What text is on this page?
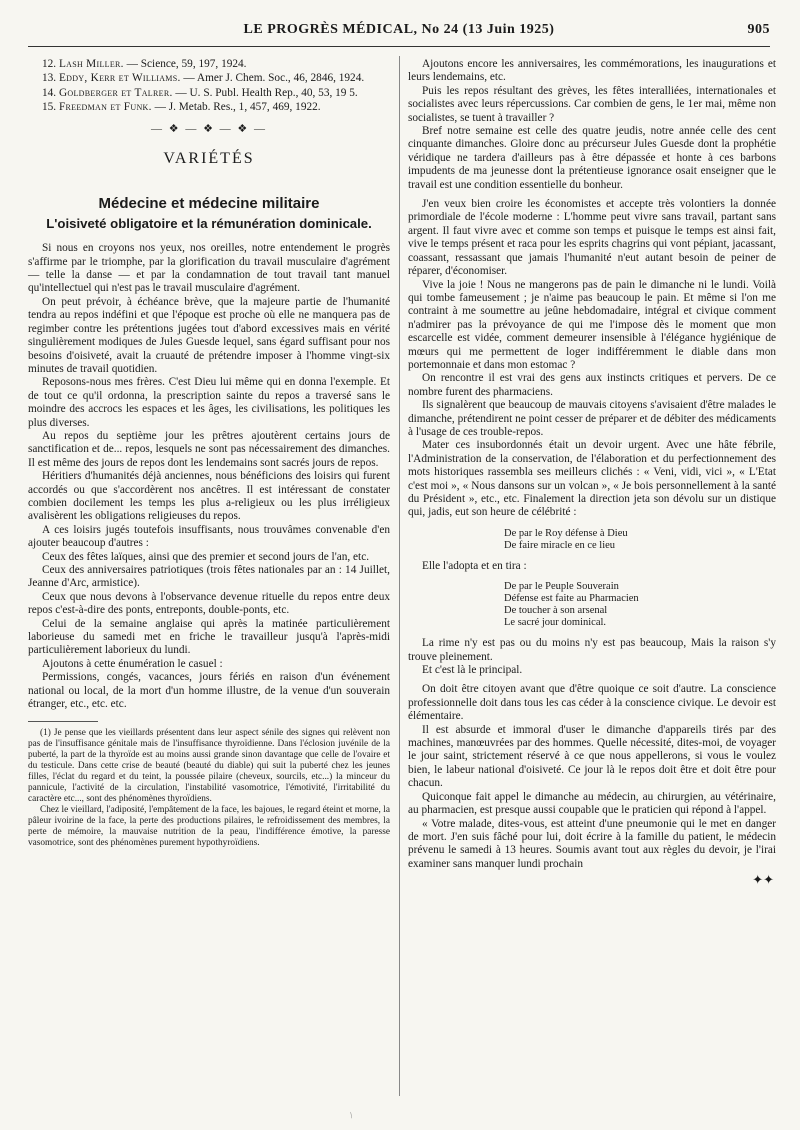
LE PROGRÈS MÉDICAL, No 24 (13 Juin 1925)	905

12. Lash Miller. — Science, 59, 197, 1924.

13. Eddy, Kerr et Williams. — Amer J. Chem. Soc., 46, 2846, 1924.

14. Goldberger et Talrer. — U. S. Publ. Health Rep., 40, 53, 19 5.

15. Freedman et Funk. — J. Metab. Res., 1, 457, 469, 1922.

— ❖ — ❖ — ❖ —
VARIÉTÉS
Médecine et médecine militaire
L'oisiveté obligatoire et la rémunération dominicale.

Si nous en croyons nos yeux, nos oreilles, notre entendement le progrès s'affirme par le triomphe, par la glorification du travail musculaire d'agrément — telle la danse — et par la condamnation de tout travail tant manuel qu'intellectuel qui n'est pas le travail musculaire d'agrément.

On peut prévoir, à échéance brève, que la majeure partie de l'humanité tendra au repos indéfini et que l'époque est proche où elle ne manquera pas de regimber contre les prétentions jugées tout d'abord excessives mais en vérité singulièrement modiques de Jules Guesde lequel, sans égard suffisant pour nos besoins d'oisiveté, avait la cruauté de prétendre imposer à l'homme vingt-six minutes de travail quotidien.

Reposons-nous mes frères. C'est Dieu lui même qui en donna l'exemple. Et de tout ce qu'il ordonna, la prescription sainte du repos a traversé sans le moindre des accrocs les espaces et les âges, les civilisations, les politiques les plus diverses.

Au repos du septième jour les prêtres ajoutèrent certains jours de sanctification et de... repos, lesquels ne sont pas nécessairement des dimanches. Il est même des jours de repos dont les lendemains sont sacrés jours de repos.

Héritiers d'humanités déjà anciennes, nous bénéficions des loisirs qui furent accordés ou que s'accordèrent nos ancêtres. Il est intéressant de constater combien docilement les temps les plus a-religieux ou les plus irréligieux avalisèrent les obligations religieuses du repos.

A ces loisirs jugés toutefois insuffisants, nous trouvâmes convenable d'en ajouter beaucoup d'autres :

Ceux des fêtes laïques, ainsi que des premier et second jours de l'an, etc.

Ceux des anniversaires patriotiques (trois fêtes nationales par an : 14 Juillet, Jeanne d'Arc, armistice).

Ceux que nous devons à l'observance devenue rituelle du repos entre deux repos c'est-à-dire des ponts, entreponts, double-ponts, etc.

Celui de la semaine anglaise qui après la matinée particulièrement laborieuse du samedi met en friche le travailleur jusqu'à l'après-midi particulièrement laborieux du lundi.

Ajoutons à cette énumération le casuel :

Permissions, congés, vacances, jours fériés en raison d'un événement national ou local, de la mort d'un homme illustre, de la venue d'un souverain étranger, etc., etc. etc.

(1) Je pense que les vieillards présentent dans leur aspect sénile des signes qui relèvent non pas de l'insuffisance génitale mais de l'insuffisance thyroïdienne. Dans l'éclosion juvénile de la puberté, la part de la thyroïde est au moins aussi grande sinon davantage que celle de l'ovaire et du testicule. Dans cette crise de beauté (beauté du diable) qui suit la puberté chez les jeunes filles, l'éclat du regard et du teint, la poussée pilaire (cheveux, sourcils, etc...) la minceur du pannicule, l'activité de la circulation, l'instabilité vasomotrice, l'émotivité, l'irritabilité du caractère etc..., sont des phénomènes thyroïdiens.

Chez le vieillard, l'adiposité, l'empâtement de la face, les bajoues, le regard éteint et morne, la pâleur ivoirine de la face, la perte des productions pilaires, le refroidissement des membres, la perte de mémoire, la mauvaise nutrition de la peau, l'indifférence émotive, la paresse vasomotrice, sont des phénomènes purement hypothyroïdiens.

Ajoutons encore les anniversaires, les commémorations, les inaugurations et leurs lendemains, etc.

Puis les repos résultant des grèves, les fêtes interalliées, internationales et socialistes avec leurs répercussions. Car combien de gens, le 1er mai, même non socialistes, se tuent à travailler ?

Bref notre semaine est celle des quatre jeudis, notre année celle des cent cinquante dimanches. Gloire donc au précurseur Jules Guesde dont la prophétie véridique ne tardera d'ailleurs pas à être dépassée et honte à ces barbons impudents de ma jeunesse dont la prétentieuse ignorance osait enseigner que le travail est une condition essentielle du bonheur.

J'en veux bien croire les économistes et accepte très volontiers la donnée primordiale de l'école moderne : L'homme peut vivre sans travail, partant sans argent. Il faut vivre avec et comme son temps et puisque le temps est ainsi fait, vive le temps présent et raca pour les esprits chagrins qui vont pépiant, jacassant, coassant, ressassant que jamais l'humanité n'eut autant besoin de peiner de réparer, d'économiser.

Vive la joie ! Nous ne mangerons pas de pain le dimanche ni le lundi. Voilà qui tombe fameusement ; je n'aime pas beaucoup le pain. Et même si l'on me contraint à me soumettre au jeûne hebdomadaire, intégral et civique comment n'admirer pas la prévoyance de qui me l'impose dès le moment que mon escarcelle est vidée, comment demeurer insensible à l'élégance hygiénique de mœurs qui me permettent de loger indifféremment le diable dans mon portemonnaie et dans mon estomac ?

On rencontre il est vrai des gens aux instincts critiques et pervers. De ce nombre furent des pharmaciens.

Ils signalèrent que beaucoup de mauvais citoyens s'avisaient d'être malades le dimanche, prétendirent ne point cesser de préparer et de débiter des médicaments à l'usage de ces trouble-repos.

Mater ces insubordonnés était un devoir urgent. Avec une hâte fébrile, l'Administration de la conservation, de l'élaboration et du perfectionnement des mots historiques rassembla ses meilleurs clichés : « Veni, vidi, vici », « L'Etat c'est moi », « Nous dansons sur un volcan », « Je bois personnellement à la santé du Président », etc., etc. Finalement la direction jeta son dévolu sur un distique qui, jadis, eut son heure de célébrité :

De par le Roy défense à Dieu
De faire miracle en ce lieu

Elle l'adopta et en tira :

De par le Peuple Souverain
Défense est faite au Pharmacien
De toucher à son arsenal
Le sacré jour dominical.

La rime n'y est pas ou du moins n'y est pas beaucoup, Mais la raison s'y trouve pleinement.

Et c'est là le principal.

On doit être citoyen avant que d'être quoique ce soit d'autre. La conscience professionnelle doit dans tous les cas céder à la conscience civique. Le devoir est élémentaire.

Il est absurde et immoral d'user le dimanche d'appareils tirés par des machines, manœuvrées par des hommes. Quelle nécessité, dites-moi, de voyager le jour saint, strictement réservé à ce que nous appellerons, si vous le voulez bien, le labeur national d'oisiveté. Ce jour là le repos doit être et doit être pour chacun.

Quiconque fait appel le dimanche au médecin, au chirurgien, au vétérinaire, au pharmacien, est presque aussi coupable que le praticien qui répond à l'appel.

« Votre malade, dites-vous, est atteint d'une pneumonie qui le met en danger de mort. J'en suis fâché pour lui, doit écrire à la famille du patient, le médecin prévenu le samedi à 13 heures. Soumis avant tout aux règles du devoir, je l'irai examiner sans manquer lundi prochain

✦✦
/
